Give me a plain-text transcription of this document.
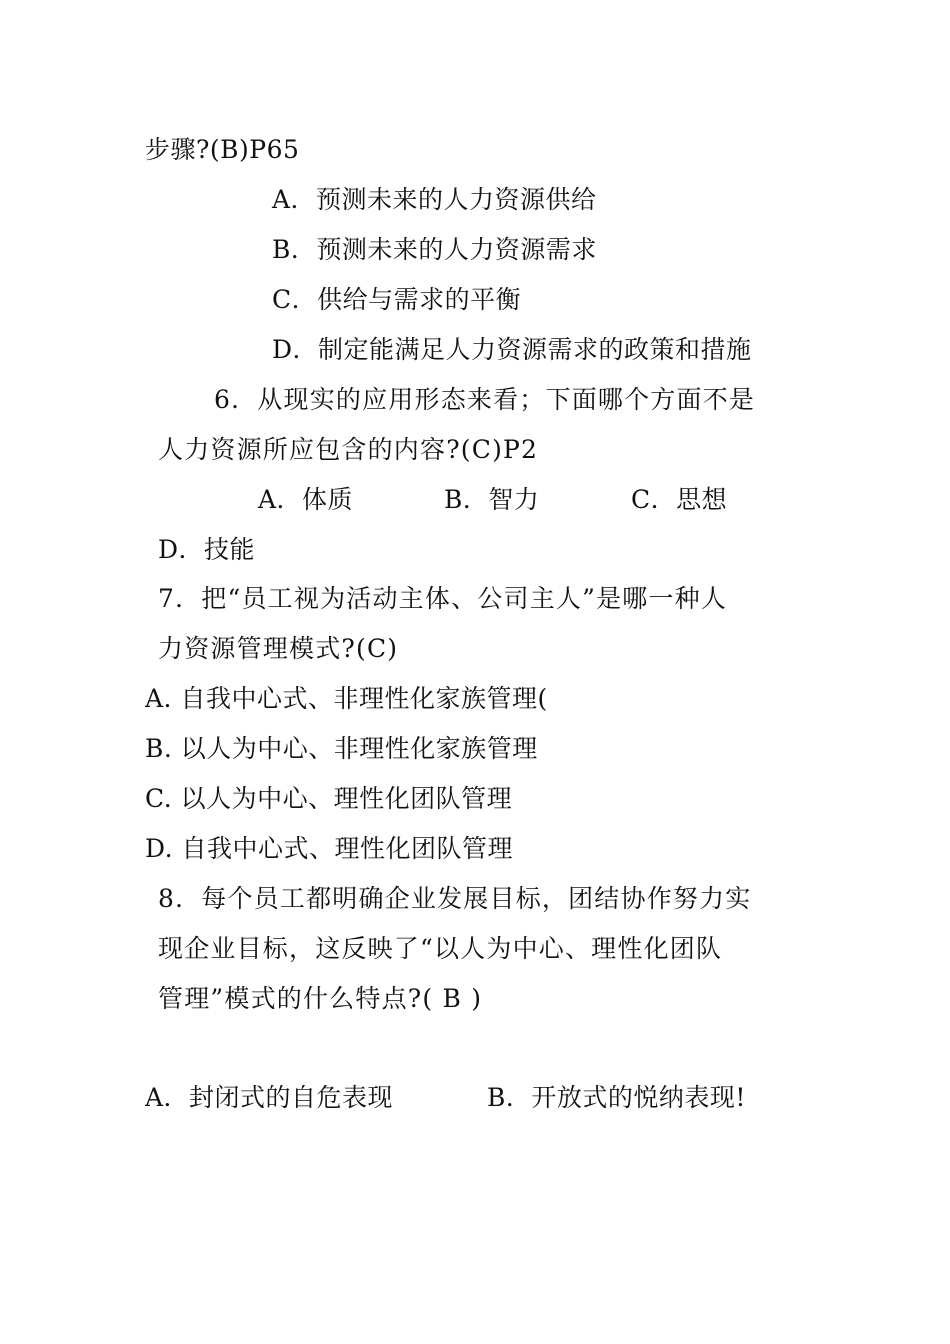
步骤?(B)P65
A．预测未来的人力资源供给
B．预测未来的人力资源需求
C．供给与需求的平衡
D．制定能满足人力资源需求的政策和措施
6．从现实的应用形态来看；下面哪个方面不是
人力资源所应包含的内容?(C)P2
A．体质	B．智力	C．思想
D．技能
7．把“员工视为活动主体、公司主人”是哪一种人
力资源管理模式?(C)
A. 自我中心式、非理性化家族管理(
B. 以人为中心、非理性化家族管理
C. 以人为中心、理性化团队管理
D. 自我中心式、理性化团队管理
8．每个员工都明确企业发展目标，团结协作努力实
现企业目标，这反映了“以人为中心、理性化团队
管理”模式的什么特点?( B )
A．封闭式的自危表现	B．开放式的悦纳表现!
